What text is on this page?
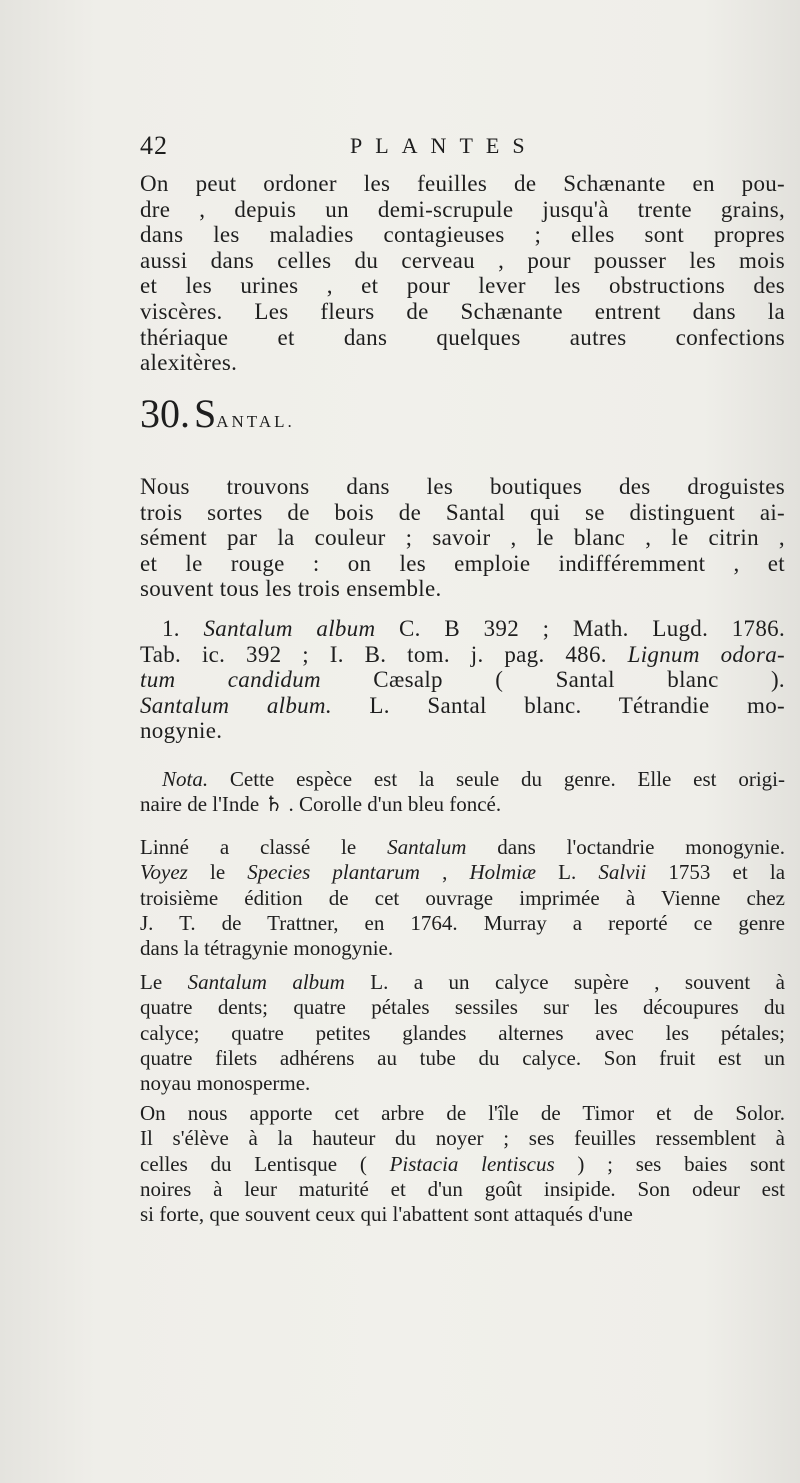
42	PLANTES
On peut ordoner les feuilles de Schænante en pou-
dre , depuis un demi-scrupule jusqu'à trente grains,
dans les maladies contagieuses ; elles sont propres
aussi dans celles du cerveau , pour pousser les mois
et les urines , et pour lever les obstructions des
viscères. Les fleurs de Schænante entrent dans la
thériaque et dans quelques autres confections
alexitères.
30. SANTAL.
Nous trouvons dans les boutiques des droguistes
trois sortes de bois de Santal qui se distinguent ai-
sément par la couleur ; savoir , le blanc , le citrin ,
et le rouge : on les emploie indifféremment , et
souvent tous les trois ensemble.
1. Santalum album C. B 392 ; Math. Lugd. 1786.
Tab. ic. 392 ; I. B. tom. j. pag. 486. Lignum odora-
tum candidum Cæsalp ( Santal blanc ).
Santalum album. L. Santal blanc. Tétrandie mo-
nogynie.
Nota. Cette espèce est la seule du genre. Elle est origi-
naire de l'Inde ♄ . Corolle d'un bleu foncé.
Linné a classé le Santalum dans l'octandrie monogynie.
Voyez le Species plantarum , Holmiæ L. Salvii 1753 et la
troisième édition de cet ouvrage imprimée à Vienne chez
J. T. de Trattner, en 1764. Murray a reporté ce genre
dans la tétragynie monogynie.
Le Santalum album L. a un calyce supère , souvent à
quatre dents; quatre pétales sessiles sur les découpures du
calyce; quatre petites glandes alternes avec les pétales;
quatre filets adhérens au tube du calyce. Son fruit est un
noyau monosperme.
On nous apporte cet arbre de l'île de Timor et de Solor.
Il s'élève à la hauteur du noyer ; ses feuilles ressemblent à
celles du Lentisque ( Pistacia lentiscus ) ; ses baies sont
noires à leur maturité et d'un goût insipide. Son odeur est
si forte, que souvent ceux qui l'abattent sont attaqués d'une
